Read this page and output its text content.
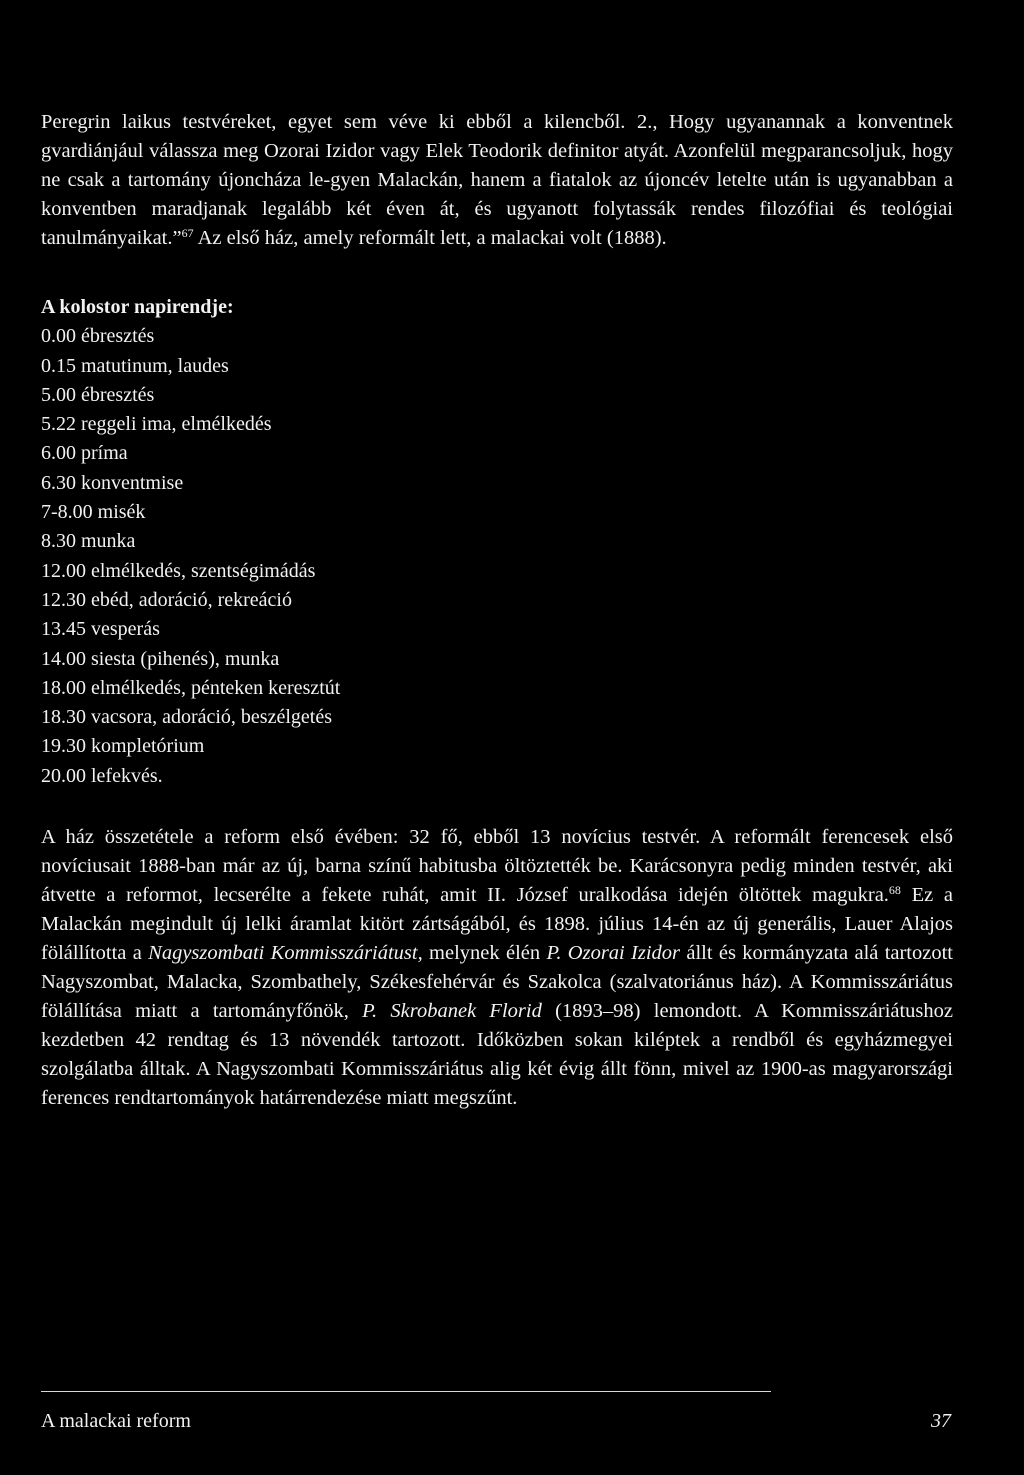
Peregrin laikus testvéreket, egyet sem véve ki ebből a kilencből. 2., Hogy ugyanannak a konventnek gvardiánjául válassza meg Ozorai Izidor vagy Elek Teodorik definitor atyát. Azonfelül megparancsoljuk, hogy ne csak a tartomány újoncháza le-gyen Malackán, hanem a fiatalok az újoncév letelte után is ugyanabban a konventben maradjanak legalább két éven át, és ugyanott folytassák rendes filozófiai és teológiai tanulmányaikat.”$^{67}$ Az első ház, amely reformált lett, a malackai volt (1888).

A kolostor napirendje:
0.00 ébresztés
0.15 matutinum, laudes
5.00 ébresztés
5.22 reggeli ima, elmélkedés
6.00 príma
6.30 konventmise
7-8.00 misék
8.30 munka
12.00 elmélkedés, szentségimádás
12.30 ebéd, adoráció, rekreáció
13.45 vesperás
14.00 siesta (pihenés), munka
18.00 elmélkedés, pénteken keresztút
18.30 vacsora, adoráció, beszélgetés
19.30 kompletórium
20.00 lefekvés.

A ház összetétele a reform első évében: 32 fő, ebből 13 novícius testvér. A reformált ferencesek első novíciusait 1888-ban már az új, barna színű habitusba öltöztették be. Karácsonyra pedig minden testvér, aki átvette a reformot, lecserélte a fekete ruhát, amit II. József uralkodása idején öltöttek magukra.$^{68}$ Ez a Malackán megindult új lelki áramlat kitört zártságából, és 1898. július 14-én az új generális, Lauer Alajos fölállította a Nagyszombati Kommisszáriátust, melynek élén P. Ozorai Izidor állt és kormányzata alá tartozott Nagyszombat, Malacka, Szombathely, Székesfehérvár és Szakolca (szalvatoriánus ház). A Kommisszáriátus fölállítása miatt a tartományfőnök, P. Skrobanek Florid (1893–98) lemondott. A Kommisszáriátushoz kezdetben 42 rendtag és 13 növendék tartozott. Időközben sokan kiléptek a rendből és egyházmegyei szolgálatba álltak. A Nagyszombati Kommisszáriátus alig két évig állt fönn, mivel az 1900-as magyarországi ferences rendtartományok határrendezése miatt megszűnt.

A malackai reform	37
